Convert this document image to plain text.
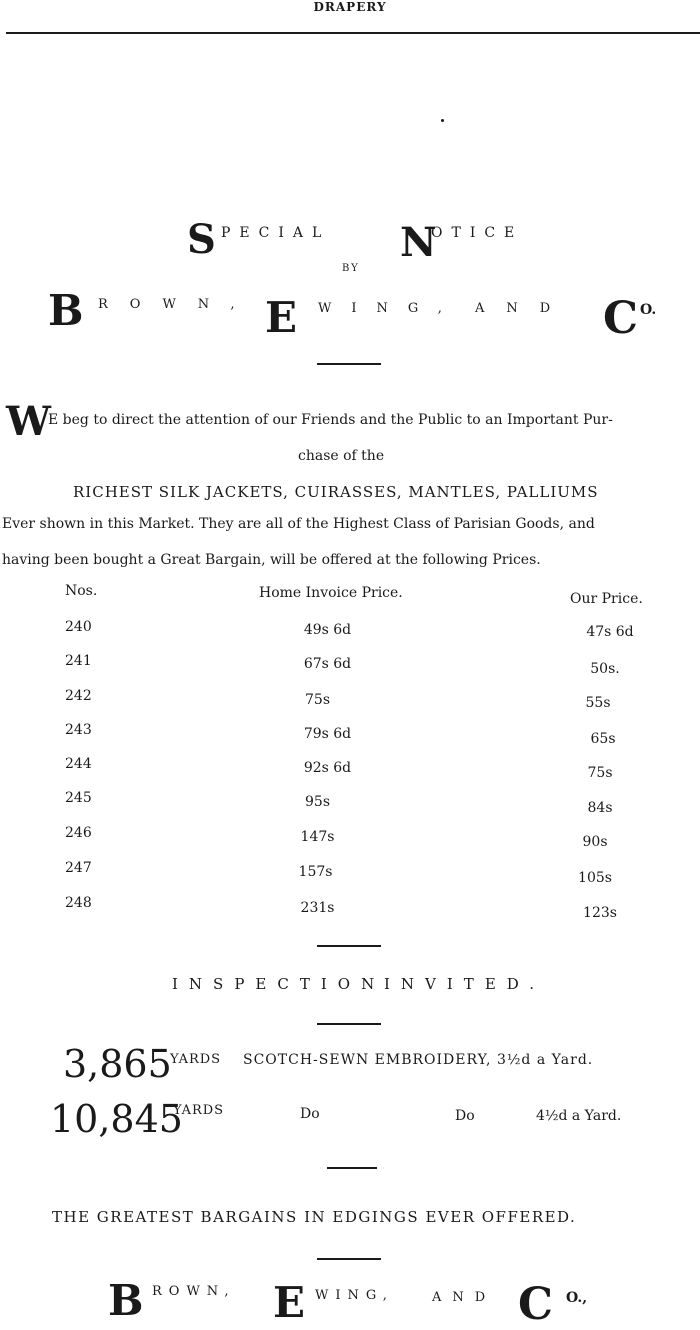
DRAPERY
S PECIAL N
OTICE
BY
B ROWN, E WING, AND C O.
W
E beg to direct the attention of our Friends and the Public to an Important Pur-
chase of the
RICHEST SILK JACKETS, CUIRASSES, MANTLES, PALLIUMS
Ever shown in this Market. They are all of the Highest Class of Parisian Goods, and
having been bought a Great Bargain, will be offered at the following Prices.
Nos.	Home Invoice Price.	Our Price.
240	49s 6d	47s 6d
241	67s 6d	50s.
242	75s	55s
243	79s 6d	65s
244	92s 6d	75s
245	95s	84s
246	147s	90s
247	157s	105s
248	231s	123s
INSPECTION
INVITED.
3,865
YARDS SCOTCH-SEWN EMBROIDERY, 3½d a Yard.
10,845
YARDS	Do	Do	4½d a Yard.
THE GREATEST BARGAINS IN EDGINGS EVER OFFERED.
B ROWN, E WING,	AND C O.,
